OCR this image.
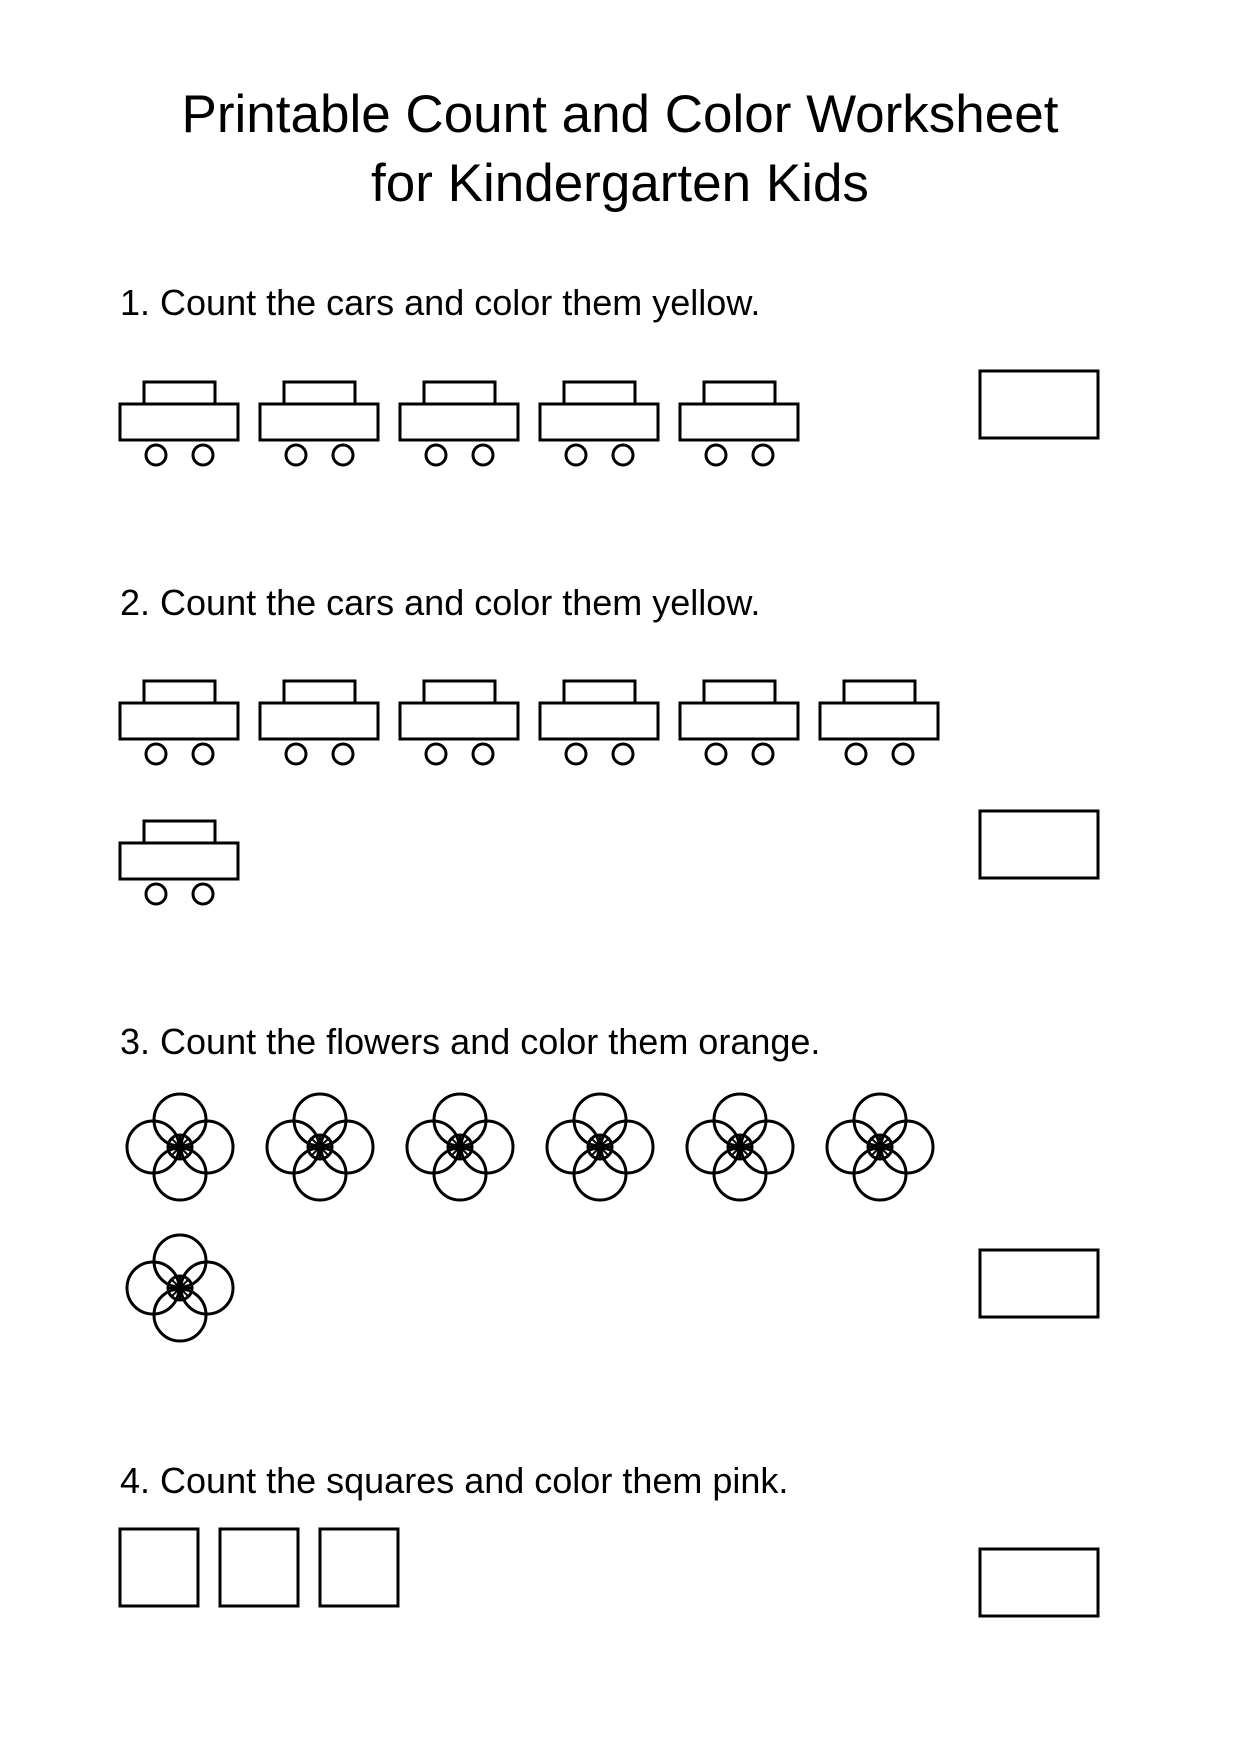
Printable Count and Color Worksheet
for Kindergarten Kids
1. Count the cars and color them yellow.
2. Count the cars and color them yellow.
3. Count the flowers and color them orange.
4. Count the squares and color them pink.
